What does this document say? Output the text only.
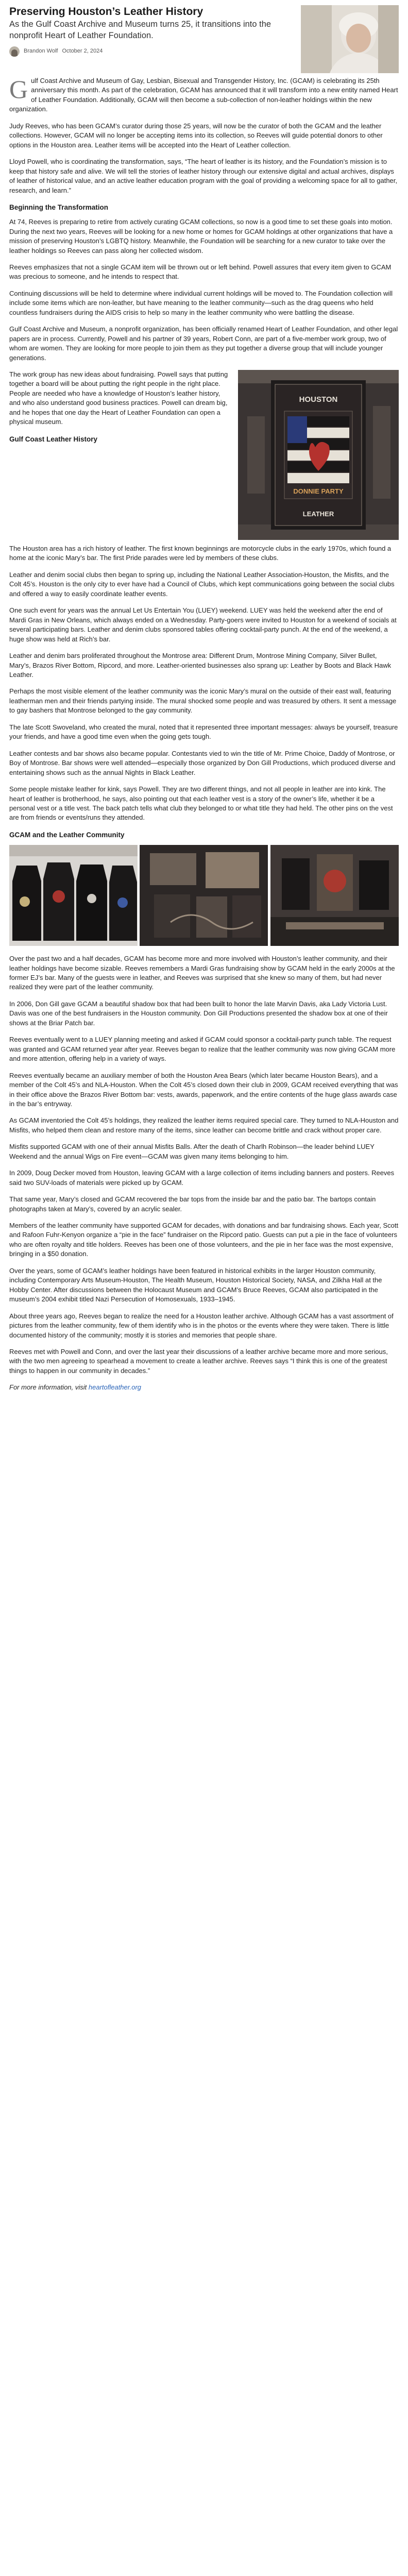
Preserving Houston’s Leather History

As the Gulf Coast Archive and Museum turns 25, it transitions into the nonprofit Heart of Leather Foundation.

Brandon Wolf October 2, 2024

G ulf Coast Archive and Museum of Gay, Lesbian, Bisexual and Transgender History, Inc. (GCAM) is celebrating its 25th anniversary this month. As part of the celebration, GCAM has announced that it will transform into a new entity named Heart of Leather Foundation. Additionally, GCAM will then become a sub-collection of non-leather holdings within the new organization.

Judy Reeves, who has been GCAM’s curator during those 25 years, will now be the curator of both the GCAM and the leather collections. However, GCAM will no longer be accepting items into its collection, so Reeves will guide potential donors to other options in the Houston area. Leather items will be accepted into the Heart of Leather collection.

Lloyd Powell, who is coordinating the transformation, says, “The heart of leather is its history, and the Foundation’s mission is to keep that history safe and alive. We will tell the stories of leather history through our extensive digital and actual archives, displays of leather of historical value, and an active leather education program with the goal of providing a welcoming space for all to gather, research, and learn.”

Beginning the Transformation

At 74, Reeves is preparing to retire from actively curating GCAM collections, so now is a good time to set these goals into motion. During the next two years, Reeves will be looking for a new home or homes for GCAM holdings at other organizations that have a mission of preserving Houston’s LGBTQ history. Meanwhile, the Foundation will be searching for a new curator to take over the leather holdings so Reeves can pass along her collected wisdom.

Reeves emphasizes that not a single GCAM item will be thrown out or left behind. Powell assures that every item given to GCAM was precious to someone, and he intends to respect that.

Continuing discussions will be held to determine where individual current holdings will be moved to. The Foundation collection will include some items which are non-leather, but have meaning to the leather community—such as the drag queens who held countless fundraisers during the AIDS crisis to help so many in the leather community who were battling the disease.

Gulf Coast Archive and Museum, a nonprofit organization, has been officially renamed Heart of Leather Foundation, and other legal papers are in process. Currently, Powell and his partner of 39 years, Robert Conn, are part of a five-member work group, two of whom are women. They are looking for more people to join them as they put together a diverse group that will include younger generations.

The work group has new ideas about fundraising. Powell says that putting together a board will be about putting the right people in the right place. People are needed who have a knowledge of Houston’s leather history, and who also understand good business practices. Powell can dream big, and he hopes that one day the Heart of Leather Foundation can open a physical museum.

Gulf Coast Leather History
HOUSTON
DONNIE PARTY
LEATHER

The Houston area has a rich history of leather. The first known beginnings are motorcycle clubs in the early 1970s, which found a home at the iconic Mary’s bar. The first Pride parades were led by members of these clubs.

Leather and denim social clubs then began to spring up, including the National Leather Association-Houston, the Misfits, and the Colt 45’s. Houston is the only city to ever have had a Council of Clubs, which kept communications going between the social clubs and offered a way to easily coordinate leather events.

One such event for years was the annual Let Us Entertain You (LUEY) weekend. LUEY was held the weekend after the end of Mardi Gras in New Orleans, which always ended on a Wednesday. Party-goers were invited to Houston for a weekend of socials at several participating bars. Leather and denim clubs sponsored tables offering cocktail-party punch. At the end of the weekend, a huge show was held at Rich’s bar.

Leather and denim bars proliferated throughout the Montrose area: Different Drum, Montrose Mining Company, Silver Bullet, Mary’s, Brazos River Bottom, Ripcord, and more. Leather-oriented businesses also sprang up: Leather by Boots and Black Hawk Leather.

Perhaps the most visible element of the leather community was the iconic Mary’s mural on the outside of their east wall, featuring leatherman men and their friends partying inside. The mural shocked some people and was treasured by others. It sent a message to gay bashers that Montrose belonged to the gay community.

The late Scott Swoveland, who created the mural, noted that it represented three important messages: always be yourself, treasure your friends, and have a good time even when the going gets tough.

Leather contests and bar shows also became popular. Contestants vied to win the title of Mr. Prime Choice, Daddy of Montrose, or Boy of Montrose. Bar shows were well attended—especially those organized by Don Gill Productions, which produced diverse and entertaining shows such as the annual Nights in Black Leather.

Some people mistake leather for kink, says Powell. They are two different things, and not all people in leather are into kink. The heart of leather is brotherhood, he says, also pointing out that each leather vest is a story of the owner’s life, whether it be a personal vest or a title vest. The back patch tells what club they belonged to or what title they had held. The other pins on the vest are from friends or events/runs they attended.

GCAM and the Leather Community

Over the past two and a half decades, GCAM has become more and more involved with Houston’s leather community, and their leather holdings have become sizable. Reeves remembers a Mardi Gras fundraising show by GCAM held in the early 2000s at the former EJ’s bar. Many of the guests were in leather, and Reeves was surprised that she knew so many of them, but had never realized they were part of the leather community.

In 2006, Don Gill gave GCAM a beautiful shadow box that had been built to honor the late Marvin Davis, aka Lady Victoria Lust. Davis was one of the best fundraisers in the Houston community. Don Gill Productions presented the shadow box at one of their shows at the Briar Patch bar.

Reeves eventually went to a LUEY planning meeting and asked if GCAM could sponsor a cocktail-party punch table. The request was granted and GCAM returned year after year. Reeves began to realize that the leather community was now giving GCAM more and more attention, offering help in a variety of ways.

Reeves eventually became an auxiliary member of both the Houston Area Bears (which later became Houston Bears), and a member of the Colt 45’s and NLA-Houston. When the Colt 45’s closed down their club in 2009, GCAM received everything that was in their office above the Brazos River Bottom bar: vests, awards, paperwork, and the entire contents of the huge glass awards case in the bar’s entryway.

As GCAM inventoried the Colt 45’s holdings, they realized the leather items required special care. They turned to NLA-Houston and Misfits, who helped them clean and restore many of the items, since leather can become brittle and crack without proper care.

Misfits supported GCAM with one of their annual Misfits Balls. After the death of Charlh Robinson—the leader behind LUEY Weekend and the annual Wigs on Fire event—GCAM was given many items belonging to him.

In 2009, Doug Decker moved from Houston, leaving GCAM with a large collection of items including banners and posters. Reeves said two SUV-loads of materials were picked up by GCAM.

That same year, Mary’s closed and GCAM recovered the bar tops from the inside bar and the patio bar. The bartops contain photographs taken at Mary’s, covered by an acrylic sealer.

Members of the leather community have supported GCAM for decades, with donations and bar fundraising shows. Each year, Scott and Rafoon Fuhr-Kenyon organize a “pie in the face” fundraiser on the Ripcord patio. Guests can put a pie in the face of volunteers who are often royalty and title holders. Reeves has been one of those volunteers, and the pie in her face was the most expensive, bringing in a $50 donation.

Over the years, some of GCAM’s leather holdings have been featured in historical exhibits in the larger Houston community, including Contemporary Arts Museum-Houston, The Health Museum, Houston Historical Society, NASA, and Zilkha Hall at the Hobby Center. After discussions between the Holocaust Museum and GCAM’s Bruce Reeves, GCAM also participated in the museum’s 2004 exhibit titled Nazi Persecution of Homosexuals, 1933–1945.

About three years ago, Reeves began to realize the need for a Houston leather archive. Although GCAM has a vast assortment of pictures from the leather community, few of them identify who is in the photos or the events where they were taken. There is little documented history of the community; mostly it is stories and memories that people share.

Reeves met with Powell and Conn, and over the last year their discussions of a leather archive became more and more serious, with the two men agreeing to spearhead a movement to create a leather archive. Reeves says “I think this is one of the greatest things to happen in our community in decades.”

For more information, visit heartofleather.org
